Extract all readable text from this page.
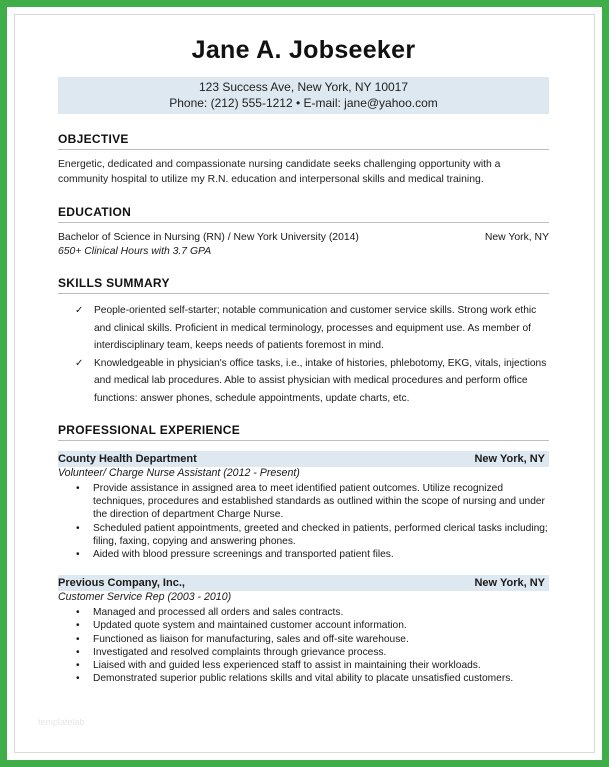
Jane A. Jobseeker
123 Success Ave, New York, NY 10017
Phone: (212) 555-1212 • E-mail: jane@yahoo.com
OBJECTIVE
Energetic, dedicated and compassionate nursing candidate seeks challenging opportunity with a community hospital to utilize my R.N. education and interpersonal skills and medical training.
EDUCATION
Bachelor of Science in Nursing (RN) / New York University (2014)	New York, NY
650+ Clinical Hours with 3.7 GPA
SKILLS SUMMARY
✓ People-oriented self-starter; notable communication and customer service skills. Strong work ethic and clinical skills. Proficient in medical terminology, processes and equipment use. As member of interdisciplinary team, keeps needs of patients foremost in mind.
✓ Knowledgeable in physician's office tasks, i.e., intake of histories, phlebotomy, EKG, vitals, injections and medical lab procedures. Able to assist physician with medical procedures and perform office functions: answer phones, schedule appointments, update charts, etc.
PROFESSIONAL EXPERIENCE
County Health Department	New York, NY
Volunteer/ Charge Nurse Assistant (2012 - Present)
• Provide assistance in assigned area to meet identified patient outcomes. Utilize recognized techniques, procedures and established standards as outlined within the scope of nursing and under the direction of department Charge Nurse.
• Scheduled patient appointments, greeted and checked in patients, performed clerical tasks including; filing, faxing, copying and answering phones.
• Aided with blood pressure screenings and transported patient files.
Previous Company, Inc.,	New York, NY
Customer Service Rep (2003 - 2010)
• Managed and processed all orders and sales contracts.
• Updated quote system and maintained customer account information.
• Functioned as liaison for manufacturing, sales and off-site warehouse.
• Investigated and resolved complaints through grievance process.
• Liaised with and guided less experienced staff to assist in maintaining their workloads.
• Demonstrated superior public relations skills and vital ability to placate unsatisfied customers.
templatelab
